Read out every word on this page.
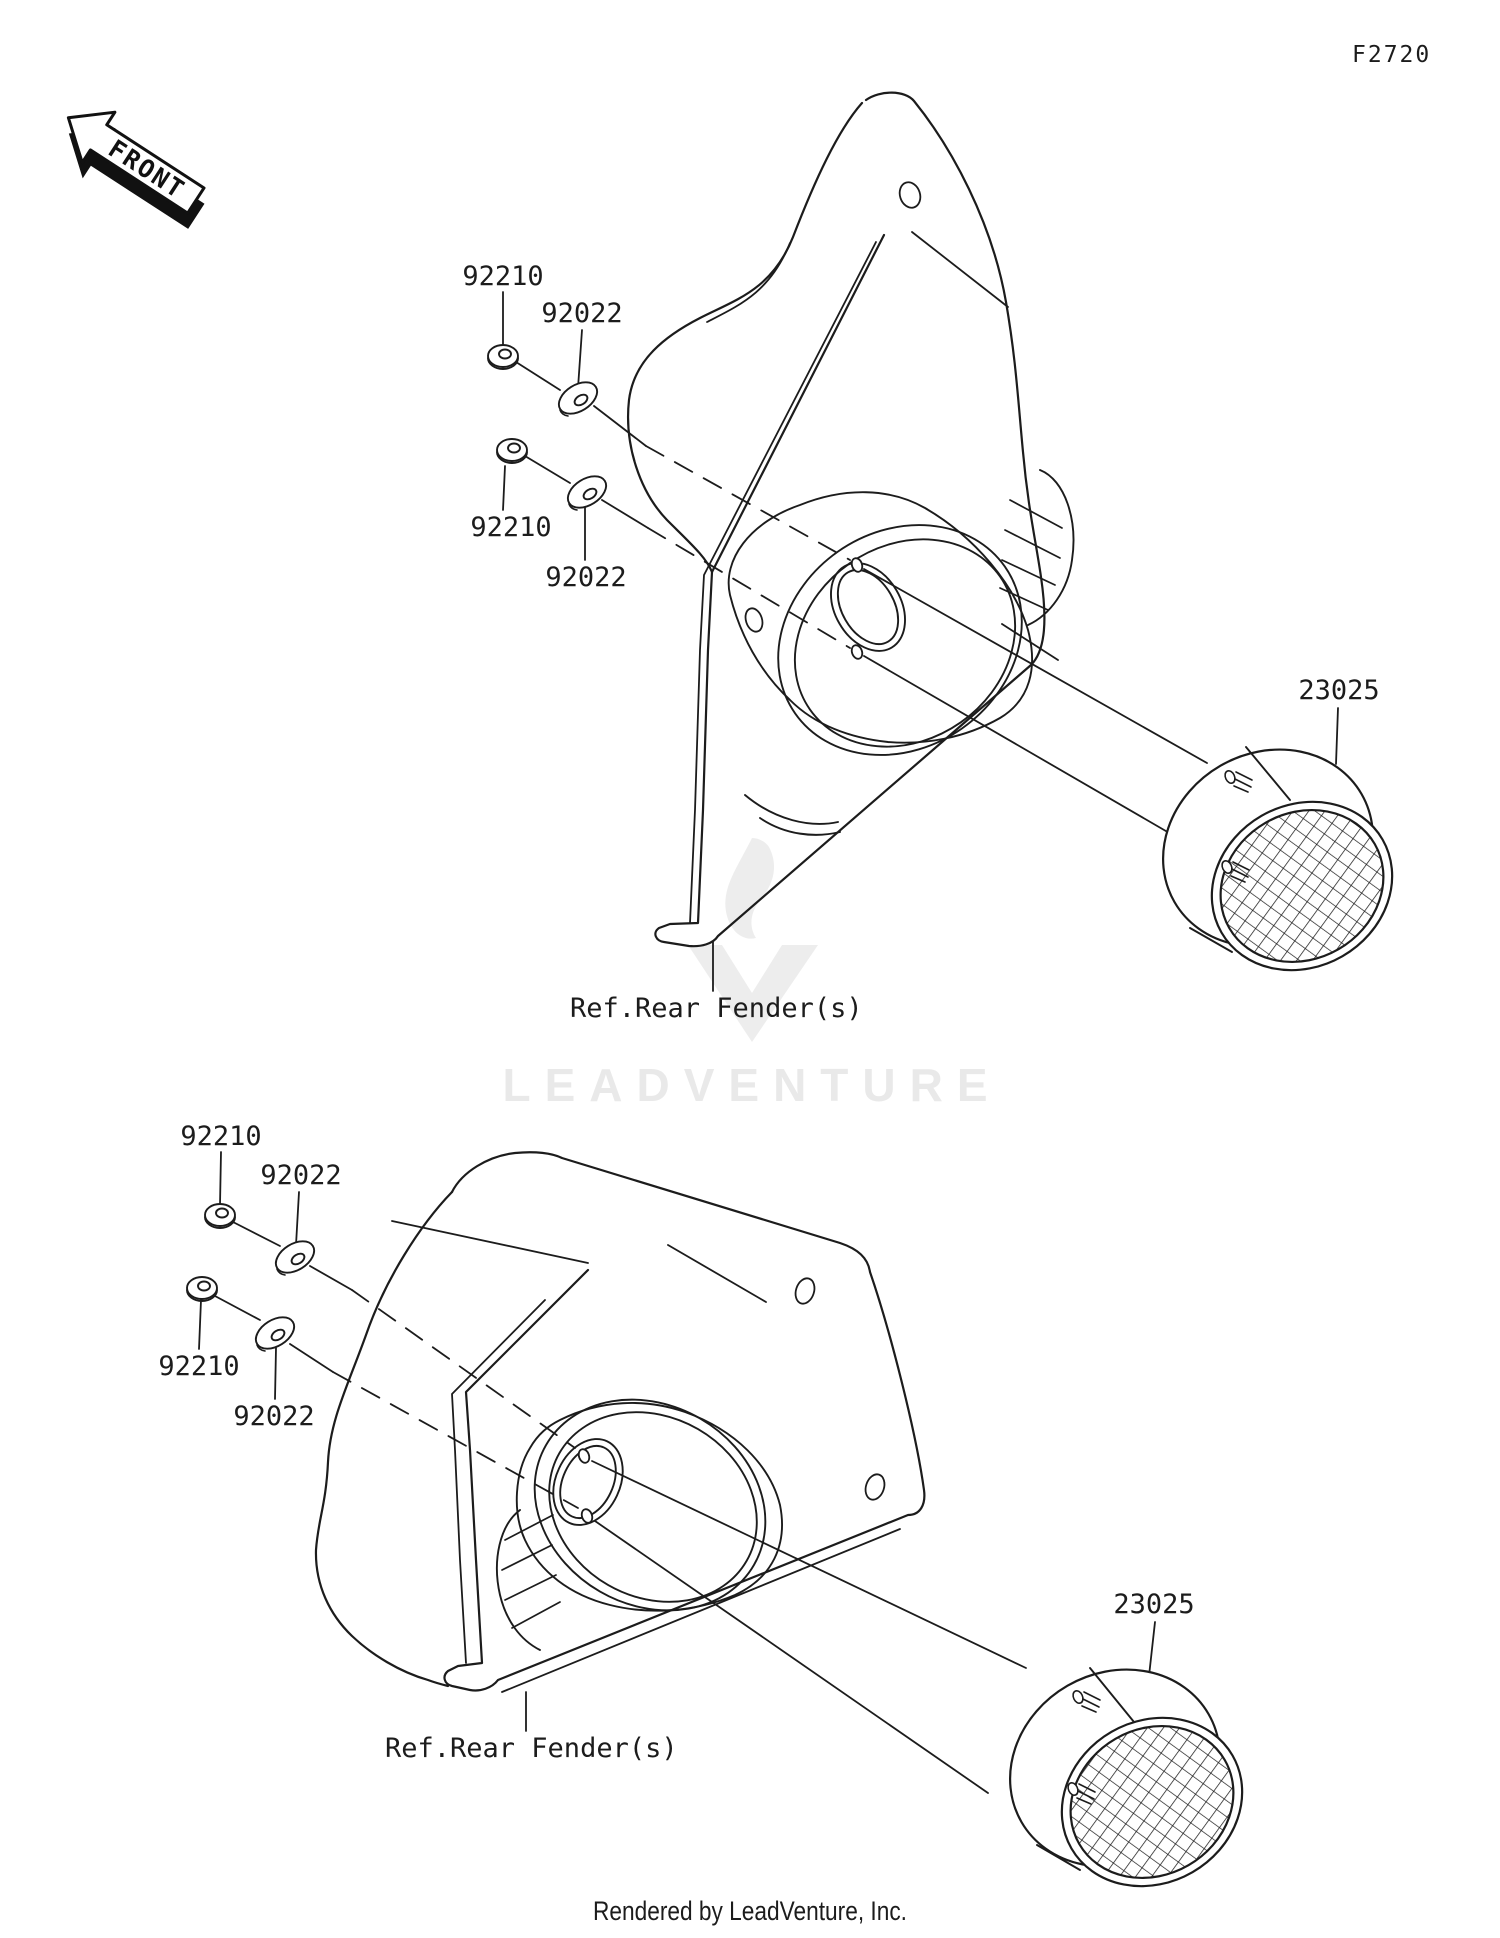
FRONT
LEADVENTURE
F2720
92210
92022
92210
92022
23025
Ref.Rear Fender(s)
92210
92022
92210
92022
23025
Ref.Rear Fender(s)
Rendered by LeadVenture, Inc.
